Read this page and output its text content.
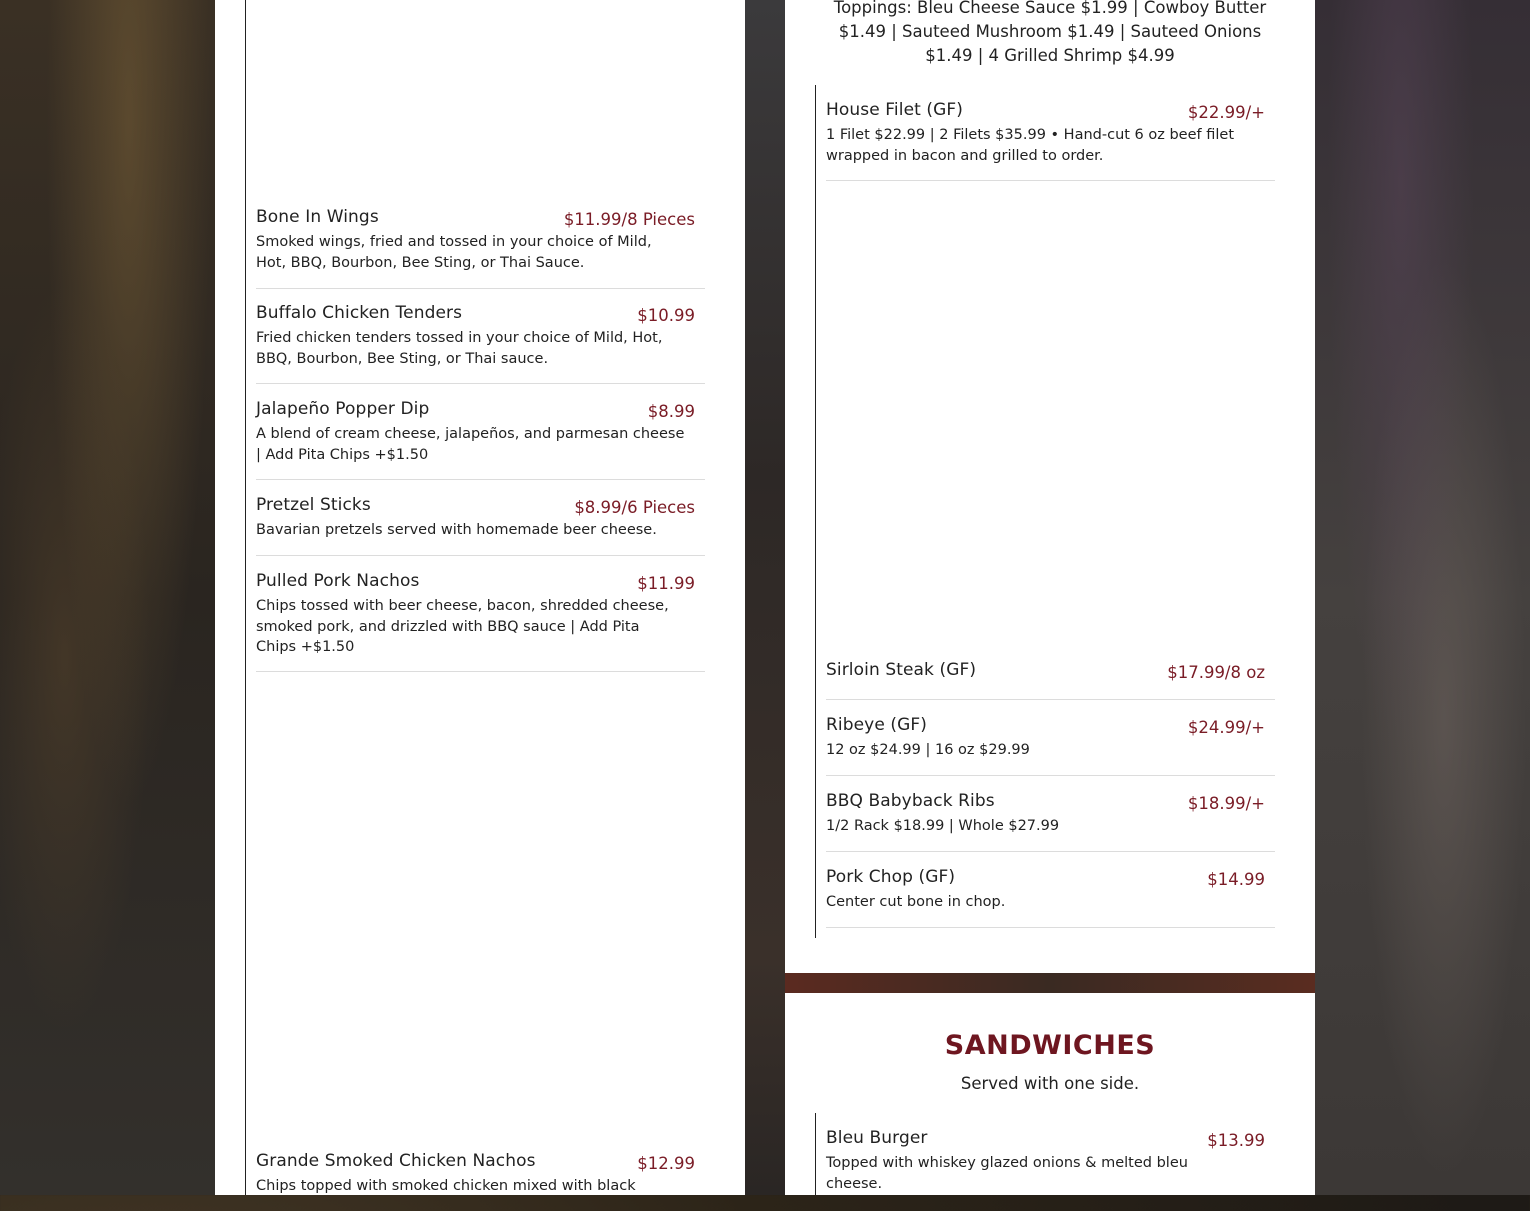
Toppings: Bleu Cheese Sauce $1.99 | Cowboy Butter $1.49 | Sauteed Mushroom $1.49 | Sauteed Onions $1.49 | 4 Grilled Shrimp $4.99
Bone In Wings	$11.99/8 Pieces
Smoked wings, fried and tossed in your choice of Mild, Hot, BBQ, Bourbon, Bee Sting, or Thai Sauce.
Buffalo Chicken Tenders	$10.99
Fried chicken tenders tossed in your choice of Mild, Hot, BBQ, Bourbon, Bee Sting, or Thai sauce.
Jalapeño Popper Dip	$8.99
A blend of cream cheese, jalapeños, and parmesan cheese | Add Pita Chips +$1.50
Pretzel Sticks	$8.99/6 Pieces
Bavarian pretzels served with homemade beer cheese.
Pulled Pork Nachos	$11.99
Chips tossed with beer cheese, bacon, shredded cheese, smoked pork, and drizzled with BBQ sauce | Add Pita Chips +$1.50
Grande Smoked Chicken Nachos	$12.99
Chips topped with smoked chicken mixed with black
House Filet (GF)	$22.99/+
1 Filet $22.99 | 2 Filets $35.99 • Hand-cut 6 oz beef filet wrapped in bacon and grilled to order.
Sirloin Steak (GF)	$17.99/8 oz
Ribeye (GF)	$24.99/+
12 oz $24.99 | 16 oz $29.99
BBQ Babyback Ribs	$18.99/+
1/2 Rack $18.99 | Whole $27.99
Pork Chop (GF)	$14.99
Center cut bone in chop.
SANDWICHES
Served with one side.
Bleu Burger	$13.99
Topped with whiskey glazed onions & melted bleu cheese.
